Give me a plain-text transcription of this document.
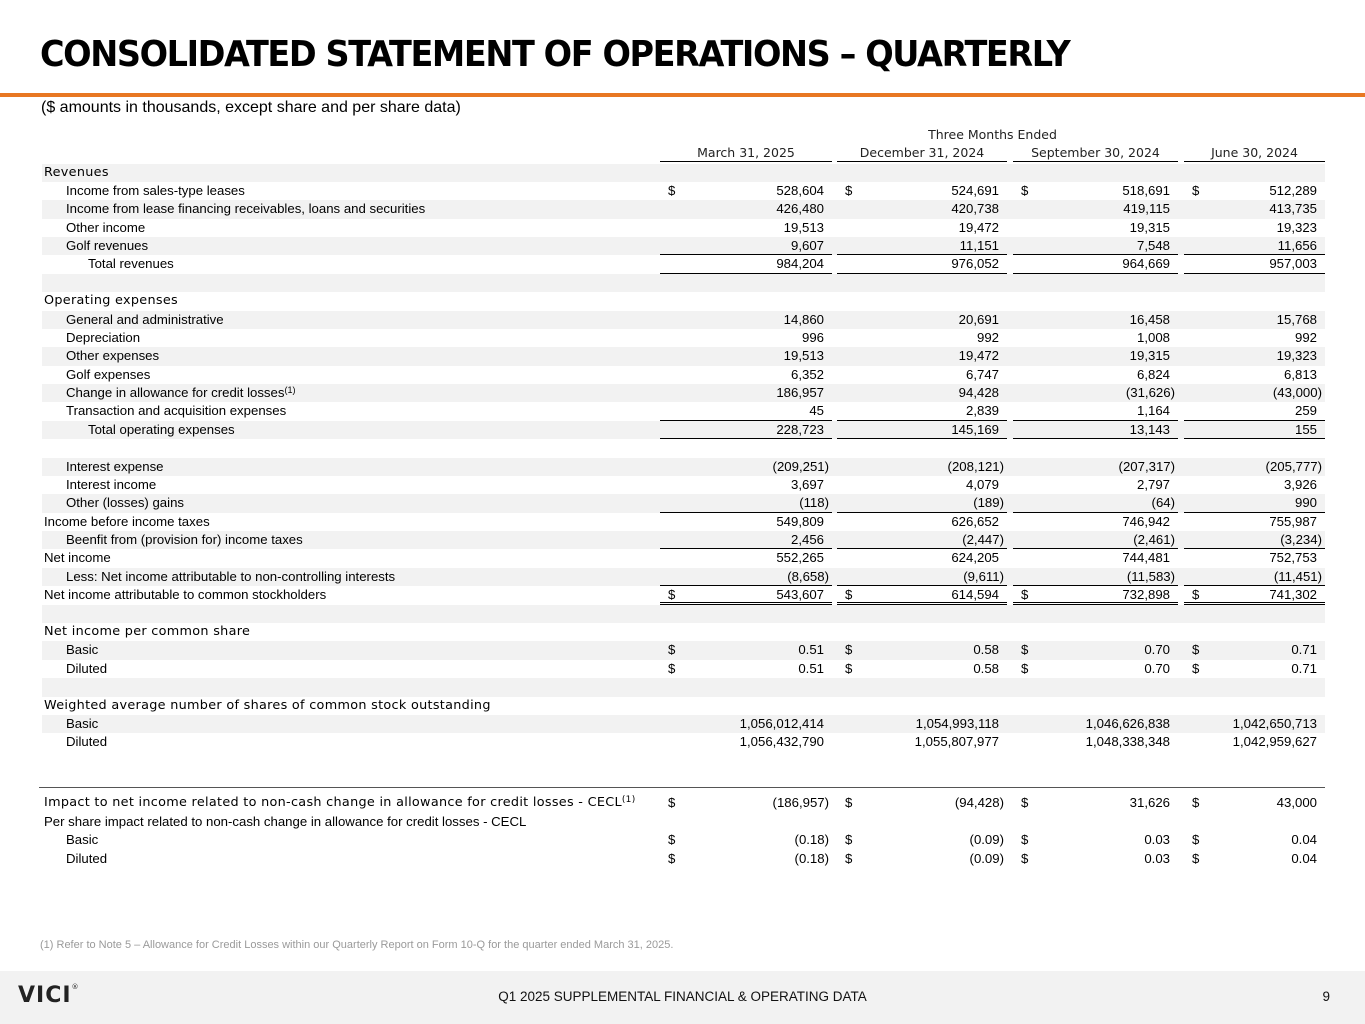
CONSOLIDATED STATEMENT OF OPERATIONS – QUARTERLY
($ amounts in thousands, except share and per share data)
Three Months Ended
March 31, 2025	December 31, 2024	September 30, 2024	June 30, 2024
Revenues
Income from sales-type leases	$	528,604 $	524,691 $	518,691 $	512,289
Income from lease financing receivables, loans and securities	426,480	420,738	419,115	413,735
Other income	19,513	19,472	19,315	19,323
Golf revenues	9,607	11,151	7,548	11,656
Total revenues	984,204	976,052	964,669	957,003
Operating expenses
General and administrative	14,860	20,691	16,458	15,768
Depreciation	996	992	1,008	992
Other expenses	19,513	19,472	19,315	19,323
Golf expenses	6,352	6,747	6,824	6,813
Change in allowance for credit losses$^{(1)}$	186,957	94,428	(31,626)	(43,000)
Transaction and acquisition expenses	45	2,839	1,164	259
Total operating expenses	228,723	145,169	13,143	155
Interest expense	(209,251)	(208,121)	(207,317)	(205,777)
Interest income	3,697	4,079	2,797	3,926
Other (losses) gains	(118)	(189)	(64)	990
Income before income taxes	549,809	626,652	746,942	755,987
Beenfit from (provision for) income taxes	2,456	(2,447)	(2,461)	(3,234)
Net income	552,265	624,205	744,481	752,753
Less: Net income attributable to non-controlling interests	(8,658)	(9,611)	(11,583)	(11,451)
Net income attributable to common stockholders	$	543,607 $	614,594 $	732,898 $	741,302
Net income per common share
Basic	$	0.51 $	0.58 $	0.70 $	0.71
Diluted	$	0.51 $	0.58 $	0.70 $	0.71
Weighted average number of shares of common stock outstanding
Basic	1,056,012,414	1,054,993,118	1,046,626,838	1,042,650,713
Diluted	1,056,432,790	1,055,807,977	1,048,338,348	1,042,959,627
Impact to net income related to non-cash change in allowance for credit losses - CECL$^{(1)}$ $	(186,957) $	(94,428) $	31,626 $	43,000
Per share impact related to non-cash change in allowance for credit losses - CECL
Basic	$	(0.18) $	(0.09) $	0.03 $	0.04
Diluted	$	(0.18) $	(0.09) $	0.03 $	0.04
(1) Refer to Note 5 – Allowance for Credit Losses within our Quarterly Report on Form 10-Q for the quarter ended March 31, 2025.
VICI®
Q1 2025 SUPPLEMENTAL FINANCIAL & OPERATING DATA	9
